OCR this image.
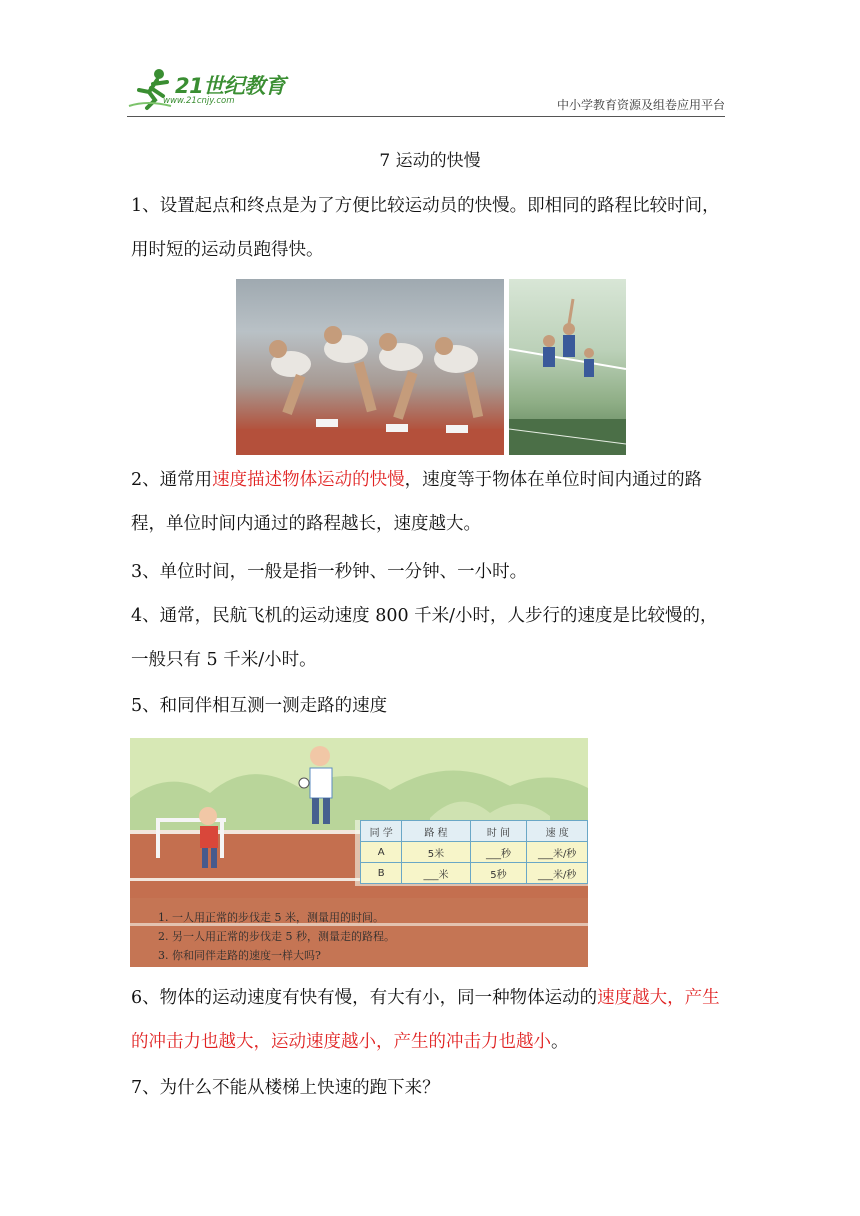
21世纪教育
www.21cnjy.com	中小学教育资源及组卷应用平台
7 运动的快慢
1、设置起点和终点是为了方便比较运动员的快慢。即相同的路程比较时间，用时短的运动员跑得快。
2、通常用速度描述物体运动的快慢，速度等于物体在单位时间内通过的路程，单位时间内通过的路程越长，速度越大。
3、单位时间，一般是指一秒钟、一分钟、一小时。
4、通常，民航飞机的运动速度 800 千米/小时，人步行的速度是比较慢的，一般只有 5 千米/小时。
5、和同伴相互测一测走路的速度
同 学	路 程	时 间	速 度
A	5米	___秒	___米/秒
B	___米	5秒	___米/秒
1. 一人用正常的步伐走 5 米，测量用的时间。
2. 另一人用正常的步伐走 5 秒，测量走的路程。
3. 你和同伴走路的速度一样大吗?
6、物体的运动速度有快有慢，有大有小，同一种物体运动的速度越大，产生的冲击力也越大，运动速度越小，产生的冲击力也越小。
7、为什么不能从楼梯上快速的跑下来？
